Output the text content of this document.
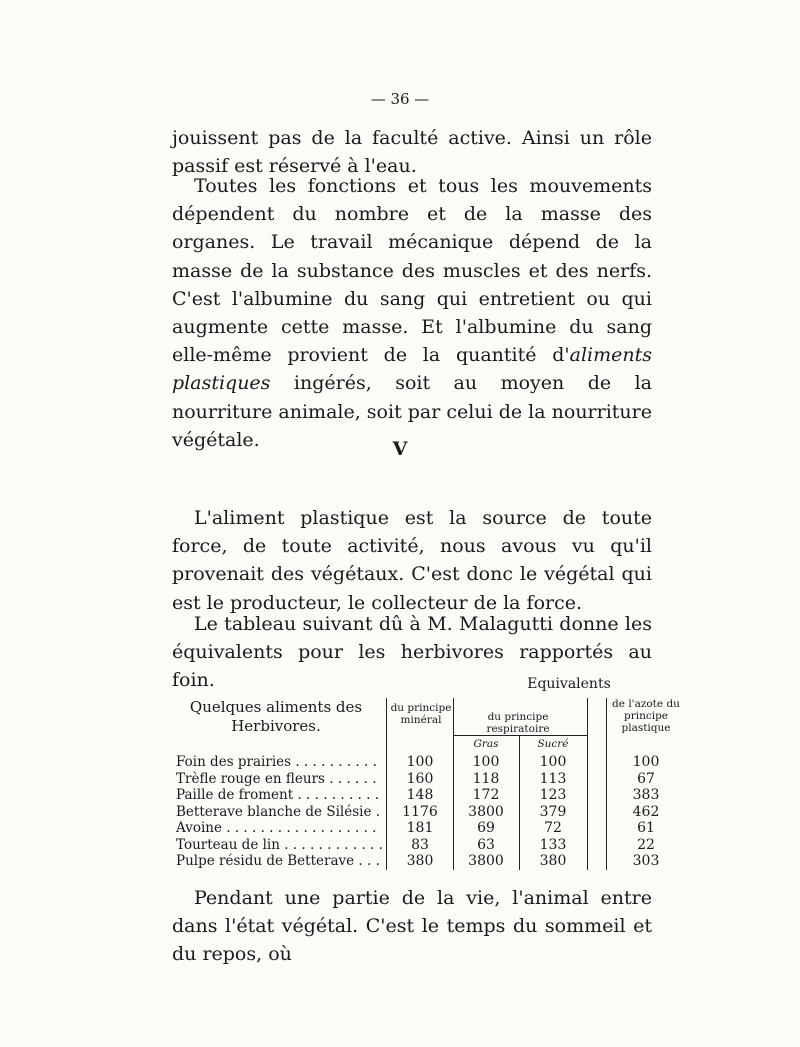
— 36 —

jouissent pas de la faculté active. Ainsi un rôle passif est réservé à l'eau.

Toutes les fonctions et tous les mouvements dépendent du nombre et de la masse des organes. Le travail mécanique dépend de la masse de la substance des muscles et des nerfs. C'est l'albumine du sang qui entretient ou qui augmente cette masse. Et l'albumine du sang elle-même provient de la quantité d'aliments plastiques ingérés, soit au moyen de la nourriture animale, soit par celui de la nourriture végétale.	V

L'aliment plastique est la source de toute force, de toute activité, nous avous vu qu'il provenait des végétaux. C'est donc le végétal qui est le producteur, le collecteur de la force.

Le tableau suivant dû à M. Malagutti donne les équivalents pour les herbivores rapportés au foin.	Equivalents
Quelques aliments des Herbivores.
du principe minéral	du principe respiratoire
de l'azote du principe plastique
Gras	Sucré
Foin des prairies . . .	100	100	100	100
Trèfle rouge en fleurs . . .	160	118	113	67
Paille de froment . . .	148	172	123	383
Betterave blanche de Silésie . . .	1176	3800	379	462
Avoine . . .	181	69	72	61
Tourteau de lin . . .	83	63	133	22
Pulpe résidu de Betterave . . .	380	3800	380	303

Pendant une partie de la vie, l'animal entre dans l'état végétal. C'est le temps du sommeil et du repos, où
